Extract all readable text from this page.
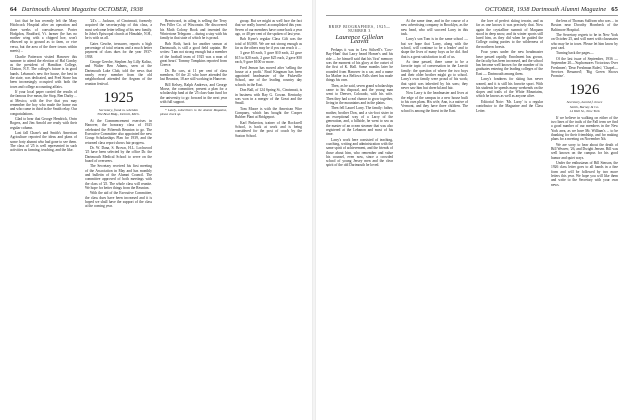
64 Dartmouth Alumni Magazine OCTOBER, 1938

fact that he has recently left the Mary Hitchcock Hospital after an operation and three weeks of convalescence. Porter Hodgdon, Bradford, Vt. farmer (he has no mother wing with a chipped hoe, won't elbowed up to ground as to farm, or vice versa, but the area of the three towns within meets) ...

Charlie Patterson visited Hanover this summer to attend the election of Hal Condry as the president of Hamilton College, Clinton, N.Y. The college's future is in good hands. Lebanon's new fire house, the best in the state, was dedicated, and Fred Stone has been increasingly occupied with both the town and college accounting affairs.

If your local paper carried the results of the famous five mean, the Stop, Ben Darby ... at Mexico, with the five that you may remember the boy who made the home run and who came in third in the Smith relay. Our congratulations.

Glad to hear that George Hendrick, Orrin Rogers, and Jim Arnold are ready with their regular column.

Last fall Chase's and Smith's American Agriculture reported the ideas and plans of some forty alumni who had gone to see them. The class of '25 is well represented in such activities as farming, teaching, and the like.

'24's ... Jackson, of Cincinnati, formerly acquired the secretaryship of this class, a most welcome letter telling of his new family. In John's Episcopal church at Hinsdale, N.H., he is with us all.

Gates Gesche, treasurer, reports a high percentage of total returns and a much better payment of class dues for the year 1937-1938.

George Geeche, Stephen Jay Lilly Kaliso, and Walter Ben Adams, seen at the Dartmouth Lake Club, told the news that nearly every member from the old neighborhood attended the Aegean of the reunion festival.

1925
Secretary, frank m. whelden
394 Beal Bldg., Detroit, Mich.

At the Commencement exercises in Hanover, the honorary class of 1925 celebrated the Fifteenth Reunion to go. The Executive Committee also appointed the new Group Scholarships Plan for 1939, and the returned class report shows fair progress.

Dr. W. Dana, S. Brown, H.L. Lochwood '25 have been selected by the office Dr. the Dartmouth Medical School to serve on the board of overseers.

The Secretary received his first meeting of the Association in May and has monthly and bulletin of the Alumni Council. The committee approved of both meetings with the class of '25. The whole class will reunite. We hope for better things from the Reunion.

With the aid of the Executive Committee, the class dues have been increased and it is hoped we shall have the support of the class at the coming year.

Brentwood, in ailing is selling the Terry Pen Filler Co. of Wisconsin. He discovered his Moth Colony Book and invented the Wintertone Telegram ... during a stay with his family in that state of which he is proud.

Bob Roth, back for another season at Dartmouth, is still a good field captain. He writes: 'I am not strong enough but a member of the football team of 1925 was a man of great heart.' Tommy Tompkins reported from Greece.

Dr. Ro cars, at 11 per cent of class members. Of the 21 who have attended the last Reunion, 18 are still working in Hanover.

Bill Kelsey, Ralph Andrews, and George Morse, the committee, present a plan for a scholarship fund at the '25 class-loan fund for the university to go forward in the next year with full support.

* Lately, subscribers to the Alumni Magazine, please check up.

group. But we might as well face the fact that we really haven't accomplished this year. Seven of our members have come back a year ago, or 40 per cent of the spoken of last year.

Bob Kyne's regular Class Gift was the total of $3,900. We are not strong enough as far as the others may be if you can reach it ...

3 gave $5 each, 5 gave $10 each, 22 gave $15 to $20 each, 2 gave $25 each, 2 gave $50 each, 9 gave $100 or more.

Fred Jenson has moved after 'selling the house at a profit.' Brad Kingman has been appointed headmaster of the Fiskeville School, one of the leading country day schools in the East.

Don Ball, of 124 Spring St., Cincinnati, is in business with Ray G. Cowan. Kentucky was won in a merger of the Great and the Small.

Tom Moore is with the American Wire Company, which has bought the Cooper Rubber Plant at Bridgeport.

Karl Pinkerton, trainer of the Rockwell School, is back at work and is being considered for the post of coach by the Saxton School.

OCTOBER, 1938 Dartmouth Alumni Magazine 65
BRIEF BIOGRAPHIES, 1925—NUMBER 3
Laurence Gillelan Leavitt

Perhaps it was in Lew Stilwell's 'Cow-Bay-Hunt' that Larry heard Homer's and his ride — he himself said that his 'first' memory was the moment of his glory at the outset of the first of K. Hall. Some months later he rounded from Hanover in a car, and a name Ira Mather in a Bellows Falls sheet has made things his own.

Then, as he said, seven grand scholarships came to his disposal, and the young man went to Denver, Colorado, with his wife. Then they had a real chance to grow together, living in the mountains and in the plains.

Then fell Laurel Larry. The family: father, mother, brother Don, and a six-foot sister in an exceptional way of a Larry of the generation, and, a hillside, he went to sea as the master of an ocean steamer that was also registered at the Lebanon and most of his time.

Larry's work here consisted of teaching, coaching, writing and administration with the same spirit of achievement, and the friends of those about him, who remember and value his counsel, even now, since a crowded school of young Jersey men and the clear spirit of the old Dartmouth he loved.

At the same time, and in the course of a new advertising company in Brooklyn, as the new head, who will succeed Larry in this task.

Larry's son Tom is in the same school — but we hope that 'Larry, along with the school, will continue to be a leader' and to shape the lives of many boys as he did. And that is a great satisfaction to all of us.

As time passed, there came to be a favorite topic of conversation in the Leavitt family: the question of where the two boys and their older brother might go to school. Larry's own family were proud of his work; that spirit was inherited by his sons; they never saw him but cheerful and fair.

Now Larry is the headmaster and lives at the edge of the campus in a new house built to his own plans. His wife, Ann, is a native of Vermont, and they have three children. The school is among the finest in the East.

the love of perfect skiing terrain, and as far as one knows it was precisely that. Now again the crystalline summit of Maquam stood in deep snow, and its winter sports still lured him, as they did when he guided the College outing parties to the wilderness of the northern forests.

Four years under the new headmaster have passed rapidly. Enrolment has grown, the faculty has been increased, and the school has become well known for the number of its graduates entering the leading colleges of the East — Dartmouth among them.

Larry's fondness for skiing has never waned, and it is still his favorite sport. With his students he spends many weekends on the slopes and trails of the White Mountains, which he knows as well as anyone alive.

Editorial Note: 'Mr. Larry' is a regular contributor to the Magazine and the Class Letter.

the lens of Thomas Sullivan who was ... in Boston near Dorothy Hornbeck of the Baltimore Hospital.

The Secretary regrets to be in New York on October 25, and will meet with classmates who may be in town. Please let him know by post card.

Turning back the pages—

Of the last issue of September, 1936 — September 20—'Sophomores Victorious Over Freshmen'; 'Dear Freshman Rules'; 'Chapel—Services Resumed'; 'Big Green Shows Promise'.

1926
Secretary, harold f. bruce
Smith, Barney & Co.
14 Wall St., New York

If we believe in walking on either of the two lines of the trails of the Fall term we find a good number of our members in the New York area, as we have Mr. William's ... to be thanking for their friendship, and for making plans for a meeting on November 5th.

We are sorry to hear about the death of Bill Weaver, '26, and Dwight Jensen. Bill was well known on the campus for his good humor and quiet ways.

Under the enthusiasm of Bill Simson, the 1926 class letter goes to all hands in a fine form and will be followed by two more letters this year. We hope you will like them and write to the Secretary with your own news.
